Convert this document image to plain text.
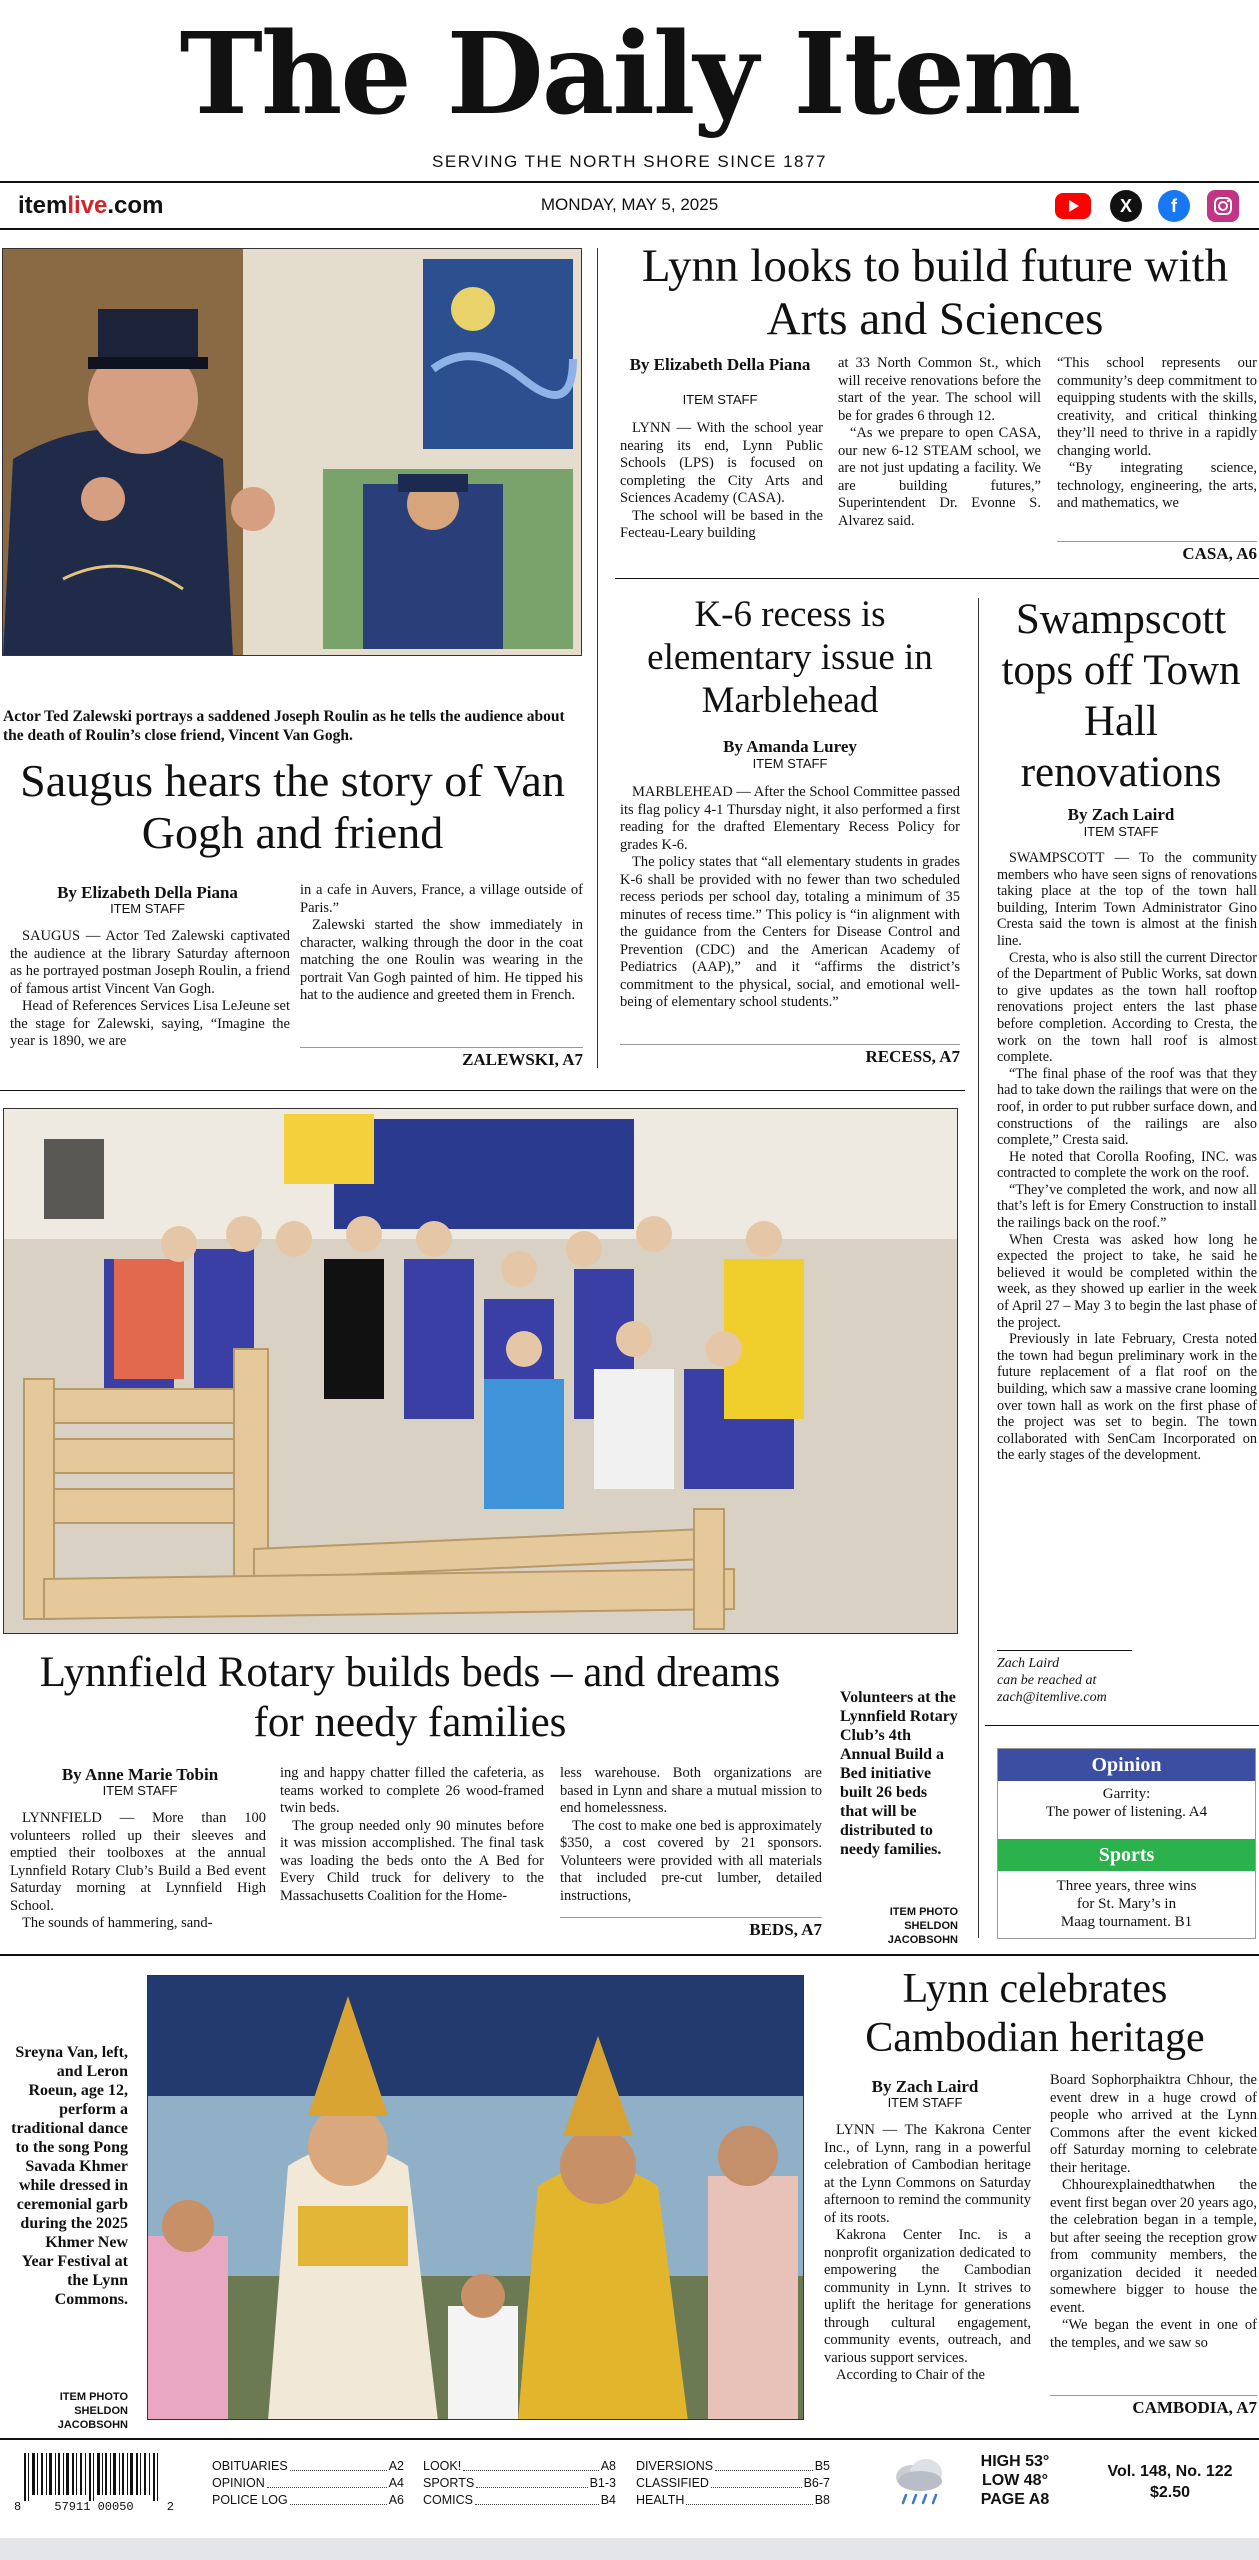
The Daily Item
SERVING THE NORTH SHORE SINCE 1877
itemlive.com	MONDAY, MAY 5, 2025	X	f
Actor Ted Zalewski portrays a saddened Joseph Roulin as he tells the audience about the death of Roulin’s close friend, Vincent Van Gogh.
Saugus hears the story of Van Gogh and friend
By Elizabeth Della Piana
ITEM STAFF

SAUGUS — Actor Ted Zalewski captivated the audience at the library Saturday afternoon as he portrayed postman Joseph Roulin, a friend of famous artist Vincent Van Gogh.

Head of References Services Lisa LeJeune set the stage for Zalewski, saying, “Imagine the year is 1890, we are

in a cafe in Auvers, France, a village outside of Paris.”

Zalewski started the show immediately in character, walking through the door in the coat matching the one Roulin was wearing in the portrait Van Gogh painted of him. He tipped his hat to the audience and greeted them in French.

ZALEWSKI, A7
Lynn looks to build future with Arts and Sciences
By Elizabeth Della Piana
ITEM STAFF

LYNN — With the school year nearing its end, Lynn Public Schools (LPS) is focused on completing the City Arts and Sciences Academy (CASA).

The school will be based in the Fecteau-Leary building

at 33 North Common St., which will receive renovations before the start of the year. The school will be for grades 6 through 12.

“As we prepare to open CASA, our new 6-12 STEAM school, we are not just updating a facility. We are building futures,” Superintendent Dr. Evonne S. Alvarez said.

“This school represents our community’s deep commitment to equipping students with the skills, creativity, and critical thinking they’ll need to thrive in a rapidly changing world.

“By integrating science, technology, engineering, the arts, and mathematics, we

CASA, A6
K-6 recess is elementary issue in Marblehead
By Amanda Lurey
ITEM STAFF

MARBLEHEAD — After the School Committee passed its flag policy 4-1 Thursday night, it also performed a first reading for the drafted Elementary Recess Policy for grades K-6.

The policy states that “all elementary students in grades K-6 shall be provided with no fewer than two scheduled recess periods per school day, totaling a minimum of 35 minutes of recess time.” This policy is “in alignment with the guidance from the Centers for Disease Control and Prevention (CDC) and the American Academy of Pediatrics (AAP),” and it “affirms the district’s commitment to the physical, social, and emotional well-being of elementary school students.”

RECESS, A7
Swampscott tops off Town Hall renovations
By Zach Laird
ITEM STAFF

SWAMPSCOTT — To the community members who have seen signs of renovations taking place at the top of the town hall building, Interim Town Administrator Gino Cresta said the town is almost at the finish line.

Cresta, who is also still the current Director of the Department of Public Works, sat down to give updates as the town hall rooftop renovations project enters the last phase before completion. According to Cresta, the work on the town hall roof is almost complete.

“The final phase of the roof was that they had to take down the railings that were on the roof, in order to put rubber surface down, and constructions of the railings are also complete,” Cresta said.

He noted that Corolla Roofing, INC. was contracted to complete the work on the roof.

“They’ve completed the work, and now all that’s left is for Emery Construction to install the railings back on the roof.”

When Cresta was asked how long he expected the project to take, he said he believed it would be completed within the week, as they showed up earlier in the week of April 27 – May 3 to begin the last phase of the project.

Previously in late February, Cresta noted the town had begun preliminary work in the future replacement of a flat roof on the building, which saw a massive crane looming over town hall as work on the first phase of the project was set to begin. The town collaborated with SenCam Incorporated on the early stages of the development.

Zach Laird
can be reached at
zach@itemlive.com
Opinion
Garrity:
The power of listening. A4
Sports
Three years, three wins
for St. Mary’s in
Maag tournament. B1
Lynnfield Rotary builds beds – and dreams for needy families
By Anne Marie Tobin
ITEM STAFF

LYNNFIELD — More than 100 volunteers rolled up their sleeves and emptied their toolboxes at the annual Lynnfield Rotary Club’s Build a Bed event Saturday morning at Lynnfield High School.

The sounds of hammering, sand-

ing and happy chatter filled the cafeteria, as teams worked to complete 26 wood-framed twin beds.

The group needed only 90 minutes before it was mission accomplished. The final task was loading the beds onto the A Bed for Every Child truck for delivery to the Massachusetts Coalition for the Home-

less warehouse. Both organizations are based in Lynn and share a mutual mission to end homelessness.

The cost to make one bed is approximately $350, a cost covered by 21 sponsors. Volunteers were provided with all materials that included pre-cut lumber, detailed instructions,

BEDS, A7
Volunteers at the Lynnfield Rotary Club’s 4th Annual Build a Bed initiative built 26 beds that will be distributed to needy families.
ITEM PHOTO
SHELDON JACOBSOHN
Sreyna Van, left, and Leron Roeun, age 12, perform a traditional dance to the song Pong Savada Khmer while dressed in ceremonial garb during the 2025 Khmer New Year Festival at the Lynn Commons.
ITEM PHOTO
SHELDON JACOBSOHN
Lynn celebrates Cambodian heritage
By Zach Laird
ITEM STAFF

LYNN — The Kakrona Center Inc., of Lynn, rang in a powerful celebration of Cambodian heritage at the Lynn Commons on Saturday afternoon to remind the community of its roots.

Kakrona Center Inc. is a nonprofit organization dedicated to empowering the Cambodian community in Lynn. It strives to uplift the heritage for generations through cultural engagement, community events, outreach, and various support services.

According to Chair of the

Board Sophorphaiktra Chhour, the event drew in a huge crowd of people who arrived at the Lynn Commons after the event kicked off Saturday morning to celebrate their heritage.

Chhourexplainedthatwhen the event first began over 20 years ago, the celebration began in a temple, but after seeing the reception grow from community members, the organization decided it needed somewhere bigger to house the event.

“We began the event in one of the temples, and we saw so

CAMBODIA, A7
8	57911 00050	2
OBITUARIES	A2
OPINION	A4
POLICE LOG	A6
LOOK!	A8
SPORTS	B1-3
COMICS	B4
DIVERSIONS	B5
CLASSIFIED	B6-7
HEALTH	B8
HIGH 53°
LOW 48°
PAGE A8
Vol. 148, No. 122
$2.50
